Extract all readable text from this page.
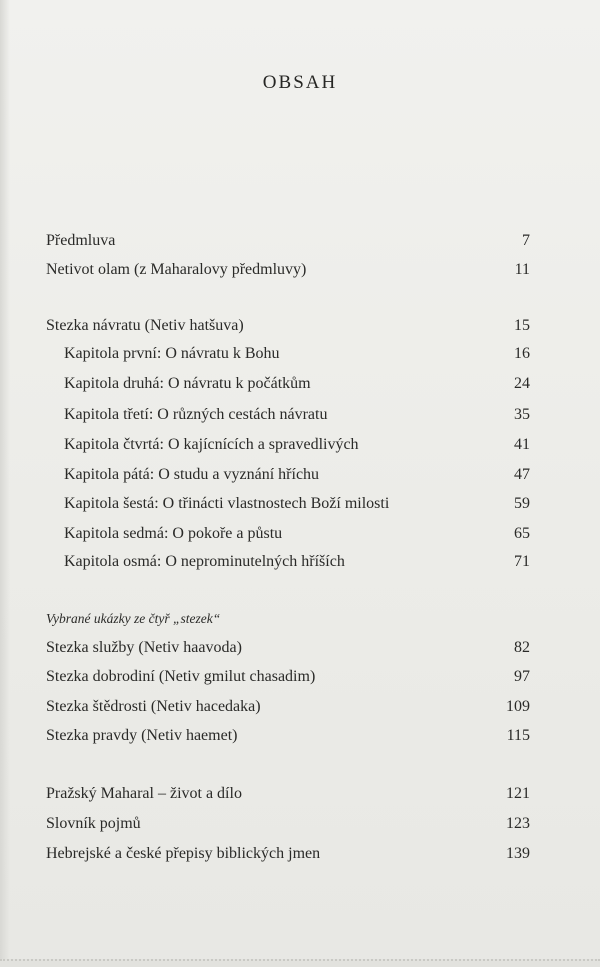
OBSAH
Předmluva	7
Netivot olam (z Maharalovy předmluvy)	11
Stezka návratu (Netiv hatšuva)	15
Kapitola první: O návratu k Bohu	16
Kapitola druhá: O návratu k počátkům	24
Kapitola třetí: O různých cestách návratu	35
Kapitola čtvrtá: O kajícnících a spravedlivých	41
Kapitola pátá: O studu a vyznání hříchu	47
Kapitola šestá: O třinácti vlastnostech Boží milosti	59
Kapitola sedmá: O pokoře a půstu	65
Kapitola osmá: O neprominutelných hříších	71
Vybrané ukázky ze čtyř „stezek“
Stezka služby (Netiv haavoda)	82
Stezka dobrodiní (Netiv gmilut chasadim)	97
Stezka štědrosti (Netiv hacedaka)	109
Stezka pravdy (Netiv haemet)	115
Pražský Maharal – život a dílo	121
Slovník pojmů	123
Hebrejské a české přepisy biblických jmen	139
